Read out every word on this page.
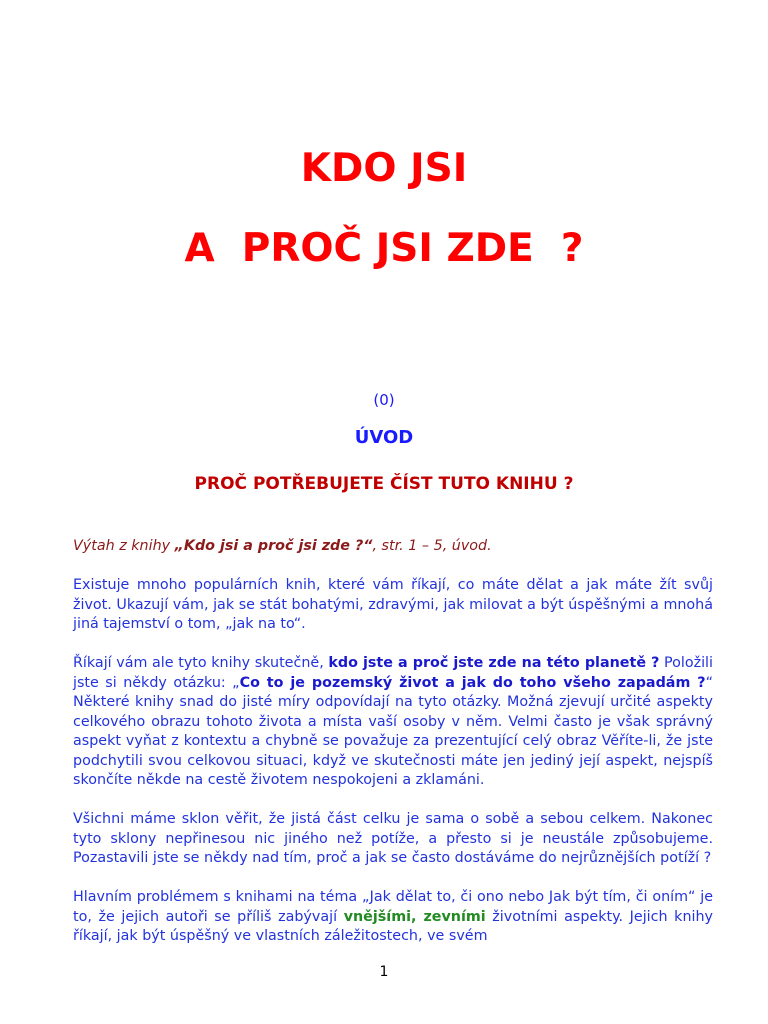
KDO JSI
A  PROČ JSI ZDE  ?
(0)
ÚVOD
PROČ POTŘEBUJETE ČÍST TUTO KNIHU ?

Výtah z knihy „Kdo jsi a proč jsi zde ?“, str. 1 – 5, úvod.

Existuje mnoho populárních knih, které vám říkají, co máte dělat a jak máte žít svůj život. Ukazují vám, jak se stát bohatými, zdravými, jak milovat a být úspěšnými a mnohá jiná tajemství o tom, „jak na to“.

Říkají vám ale tyto knihy skutečně, kdo jste a proč jste zde na této planetě ? Položili jste si někdy otázku: „Co to je pozemský život a jak do toho všeho zapadám ?“ Některé knihy snad do jisté míry odpovídají na tyto otázky. Možná zjevují určité aspekty celkového obrazu tohoto života a místa vaší osoby v něm. Velmi často je však správný aspekt vyňat z kontextu a chybně se považuje za prezentující celý obraz Věříte-li, že jste podchytili svou celkovou situaci, když ve skutečnosti máte jen jediný její aspekt, nejspíš skončíte někde na cestě životem nespokojeni a zklamáni.

Všichni máme sklon věřit, že jistá část celku je sama o sobě a sebou celkem. Nakonec tyto sklony nepřinesou nic jiného než potíže, a přesto si je neustále způsobujeme. Pozastavili jste se někdy nad tím, proč a jak se často dostáváme do nejrůznějších potíží ?

Hlavním problémem s knihami na téma „Jak dělat to, či ono nebo Jak být tím, či oním“ je to, že jejich autoři se příliš zabývají vnějšími, zevními životními aspekty. Jejich knihy říkají, jak být úspěšný ve vlastních záležitostech, ve svém

1
